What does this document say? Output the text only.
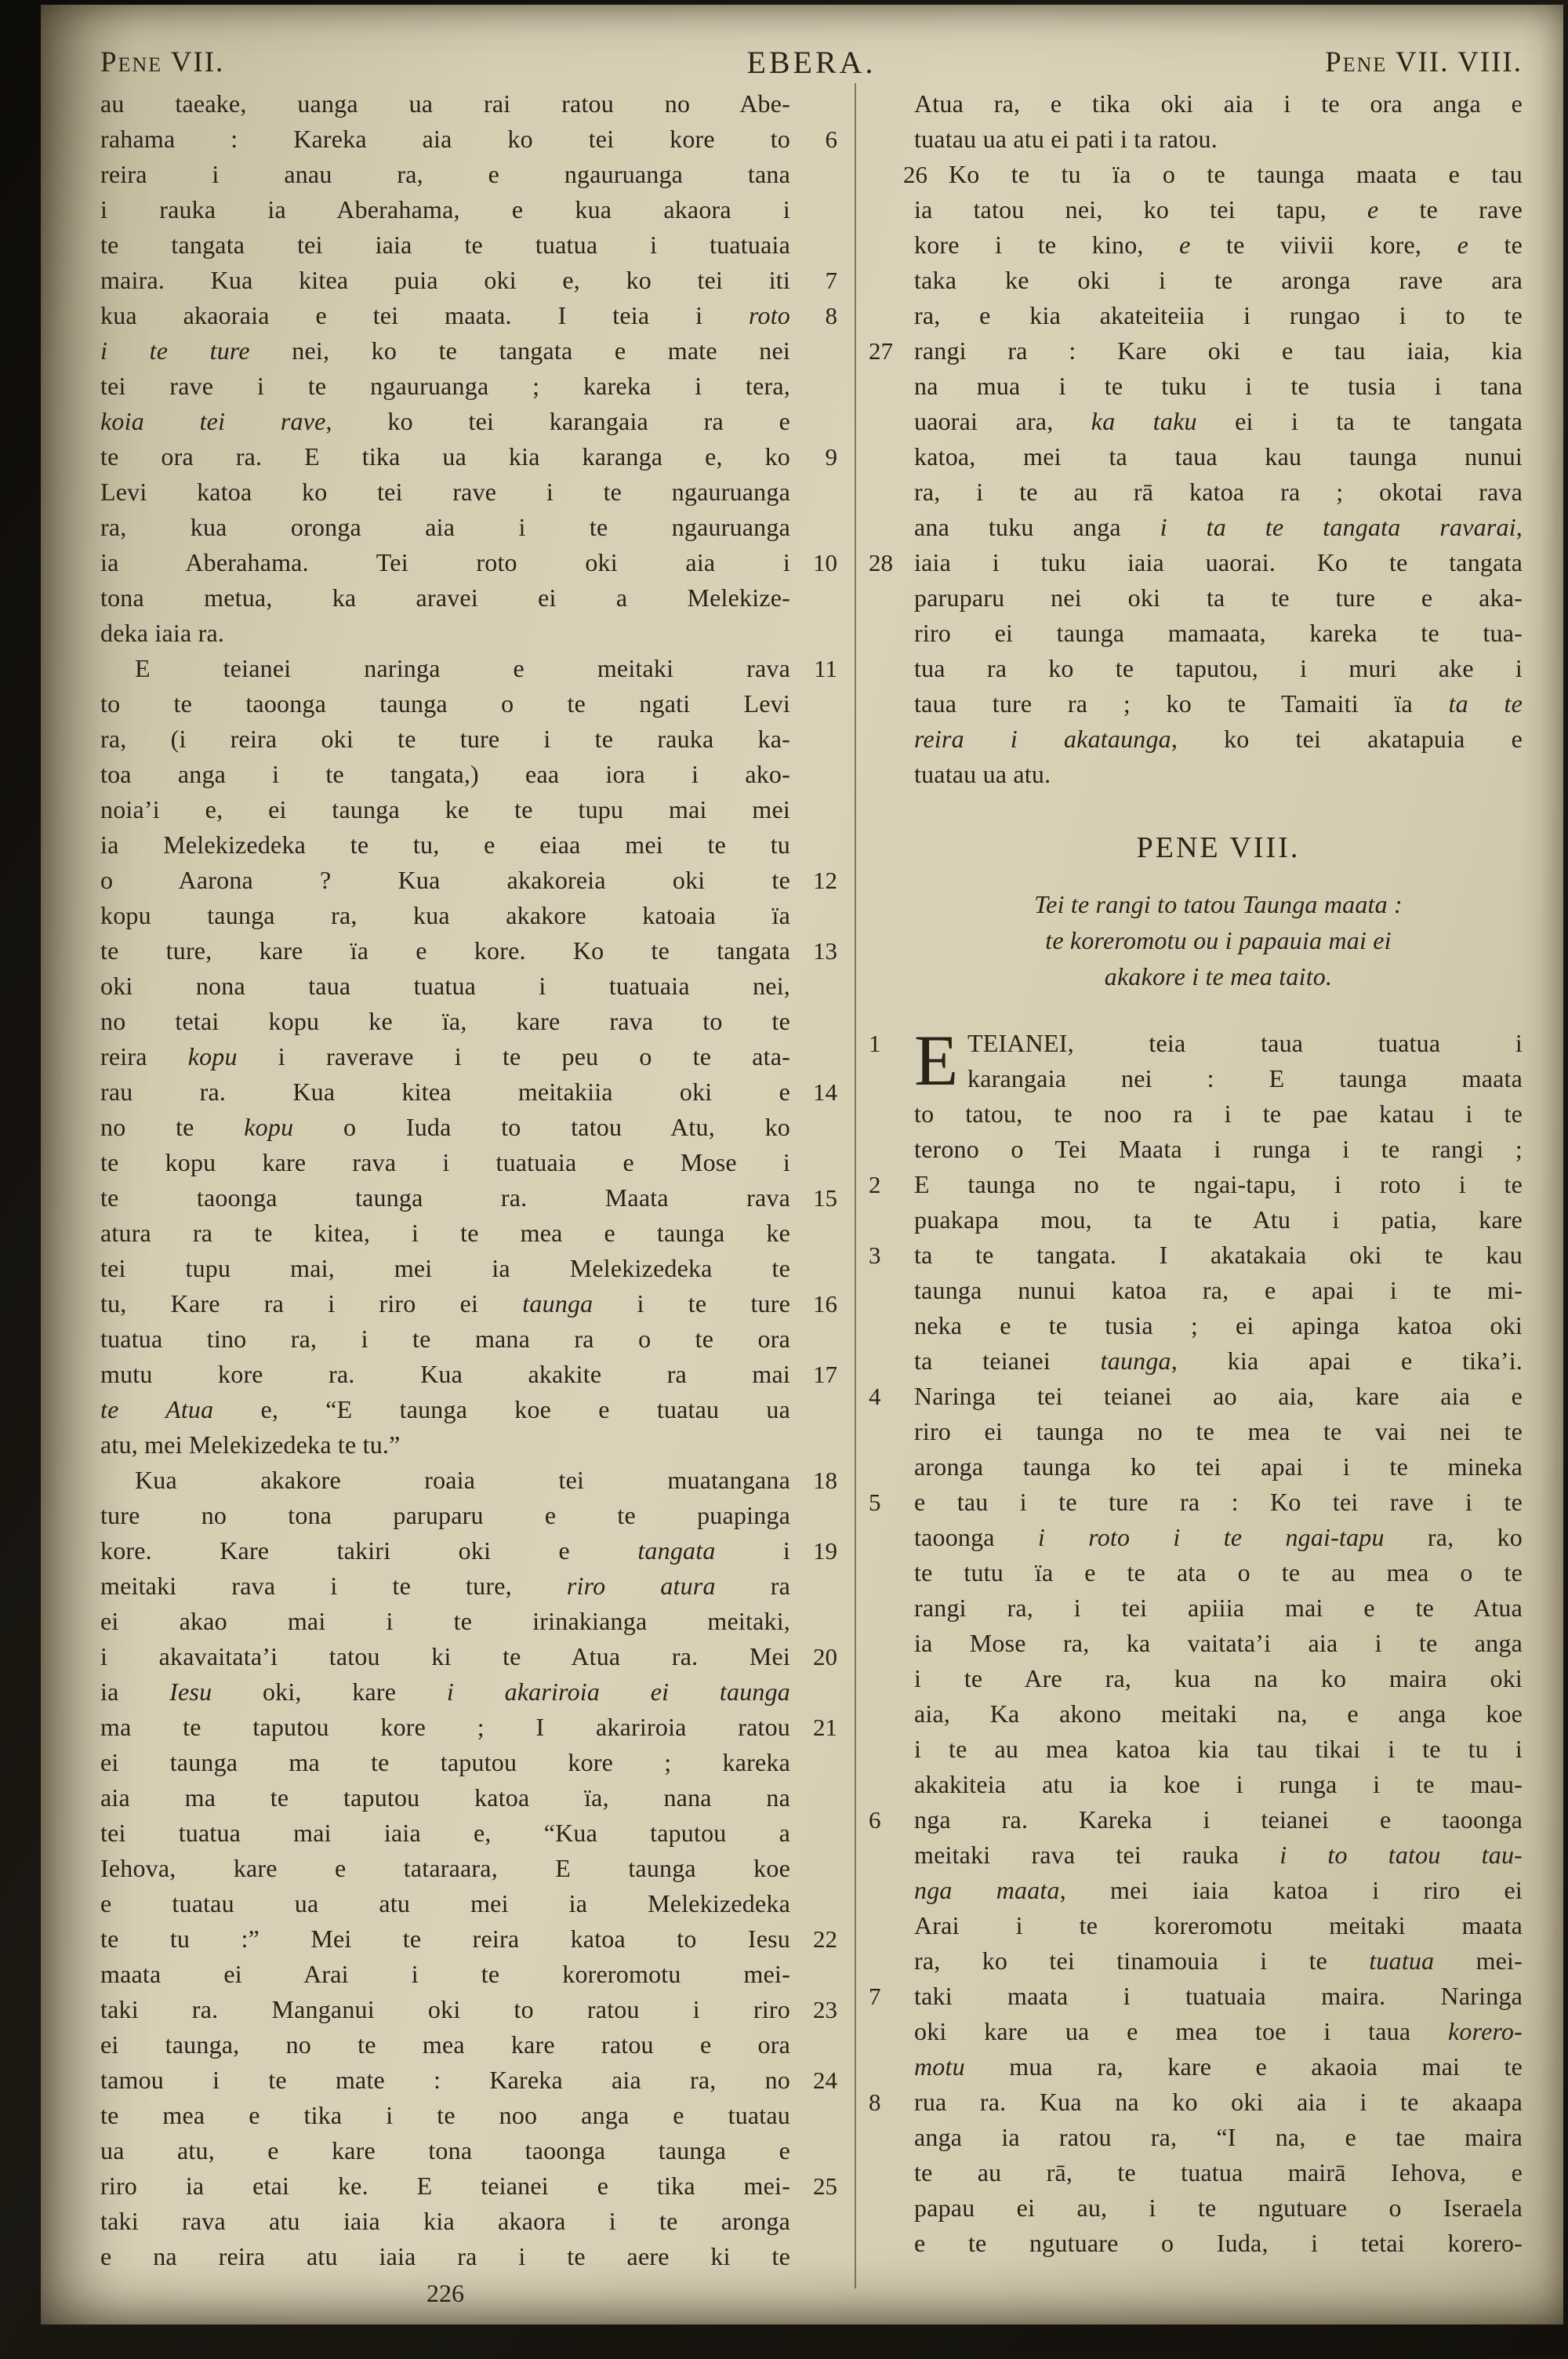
Pene VII.	EBERA.	Pene VII. VIII.
au taeake, uanga ua rai ratou no Abe-
rahama : Kareka aia ko tei kore to 6
reira i anau ra, e ngauruanga tana
i rauka ia Aberahama, e kua akaora i
te tangata tei iaia te tuatua i tuatuaia
maira. Kua kitea puia oki e, ko tei iti 7
kua akaoraia e tei maata. I teia i roto 8
i te ture nei, ko te tangata e mate nei
tei rave i te ngauruanga ; kareka i tera,
koia tei rave, ko tei karangaia ra e
te ora ra. E tika ua kia karanga e, ko 9
Levi katoa ko tei rave i te ngauruanga
ra, kua oronga aia i te ngauruanga
ia Aberahama. Tei roto oki aia i 10
tona metua, ka aravei ei a Melekize-
deka iaia ra.
E teianei naringa e meitaki rava 11
to te taoonga taunga o te ngati Levi
ra, (i reira oki te ture i te rauka ka-
toa anga i te tangata,) eaa iora i ako-
noia’i e, ei taunga ke te tupu mai mei
ia Melekizedeka te tu, e eiaa mei te tu
o Aarona ? Kua akakoreia oki te 12
kopu taunga ra, kua akakore katoaia ïa
te ture, kare ïa e kore. Ko te tangata 13
oki nona taua tuatua i tuatuaia nei,
no tetai kopu ke ïa, kare rava to te
reira kopu i raverave i te peu o te ata-
rau ra. Kua kitea meitakiia oki e 14
no te kopu o Iuda to tatou Atu, ko
te kopu kare rava i tuatuaia e Mose i
te taoonga taunga ra. Maata rava 15
atura ra te kitea, i te mea e taunga ke
tei tupu mai, mei ia Melekizedeka te
tu, Kare ra i riro ei taunga i te ture 16
tuatua tino ra, i te mana ra o te ora
mutu kore ra. Kua akakite ra mai 17
te Atua e, “E taunga koe e tuatau ua
atu, mei Melekizedeka te tu.”
Kua akakore roaia tei muatangana 18
ture no tona paruparu e te puapinga
kore. Kare takiri oki e tangata i 19
meitaki rava i te ture, riro atura ra
ei akao mai i te irinakianga meitaki,
i akavaitata’i tatou ki te Atua ra. Mei 20
ia Iesu oki, kare i akariroia ei taunga
ma te taputou kore ; I akariroia ratou 21
ei taunga ma te taputou kore ; kareka
aia ma te taputou katoa ïa, nana na
tei tuatua mai iaia e, “Kua taputou a
Iehova, kare e tataraara, E taunga koe
e tuatau ua atu mei ia Melekizedeka
te tu :” Mei te reira katoa to Iesu 22
maata ei Arai i te koreromotu mei-
taki ra. Manganui oki to ratou i riro 23
ei taunga, no te mea kare ratou e ora
tamou i te mate : Kareka aia ra, no 24
te mea e tika i te noo anga e tuatau
ua atu, e kare tona taoonga taunga e
riro ia etai ke. E teianei e tika mei- 25
taki rava atu iaia kia akaora i te aronga
e na reira atu iaia ra i te aere ki te
Atua ra, e tika oki aia i te ora anga e
tuatau ua atu ei pati i ta ratou.
Ko te tu ïa o te taunga maata e tau
26
ia tatou nei, ko tei tapu, e te rave
kore i te kino, e te viivii kore, e te
taka ke oki i te aronga rave ara
ra, e kia akateiteiia i rungao i to te
rangi ra : Kare oki e tau iaia, kia
27
na mua i te tuku i te tusia i tana
uaorai ara, ka taku ei i ta te tangata
katoa, mei ta taua kau taunga nunui
ra, i te au rā katoa ra ; okotai rava
ana tuku anga i ta te tangata ravarai,
iaia i tuku iaia uaorai. Ko te tangata
28
paruparu nei oki ta te ture e aka-
riro ei taunga mamaata, kareka te tua-
tua ra ko te taputou, i muri ake i
taua ture ra ; ko te Tamaiti ïa ta te
reira i akataunga, ko tei akatapuia e
tuatau ua atu.
PENE VIII.
Tei te rangi to tatou Taunga maata :
te koreromotu ou i papauia mai ei
akakore i te mea taito.
E TEIANEI, teia taua tuatua i
1
karangaia nei : E taunga maata
to tatou, te noo ra i te pae katau i te
terono o Tei Maata i runga i te rangi ;
E taunga no te ngai-tapu, i roto i te
2
puakapa mou, ta te Atu i patia, kare
ta te tangata. I akatakaia oki te kau
3
taunga nunui katoa ra, e apai i te mi-
neka e te tusia ; ei apinga katoa oki
ta teianei taunga, kia apai e tika’i.
Naringa tei teianei ao aia, kare aia e
4
riro ei taunga no te mea te vai nei te
aronga taunga ko tei apai i te mineka
e tau i te ture ra : Ko tei rave i te
5
taoonga i roto i te ngai-tapu ra, ko
te tutu ïa e te ata o te au mea o te
rangi ra, i tei apiiia mai e te Atua
ia Mose ra, ka vaitata’i aia i te anga
i te Are ra, kua na ko maira oki
aia, Ka akono meitaki na, e anga koe
i te au mea katoa kia tau tikai i te tu i
akakiteia atu ia koe i runga i te mau-
nga ra. Kareka i teianei e taoonga
6
meitaki rava tei rauka i to tatou tau-
nga maata, mei iaia katoa i riro ei
Arai i te koreromotu meitaki maata
ra, ko tei tinamouia i te tuatua mei-
taki maata i tuatuaia maira. Naringa
7
oki kare ua e mea toe i taua korero-
motu mua ra, kare e akaoia mai te
rua ra. Kua na ko oki aia i te akaapa
8
anga ia ratou ra, “I na, e tae maira
te au rā, te tuatua mairā Iehova, e
papau ei au, i te ngutuare o Iseraela
e te ngutuare o Iuda, i tetai korero-
226
